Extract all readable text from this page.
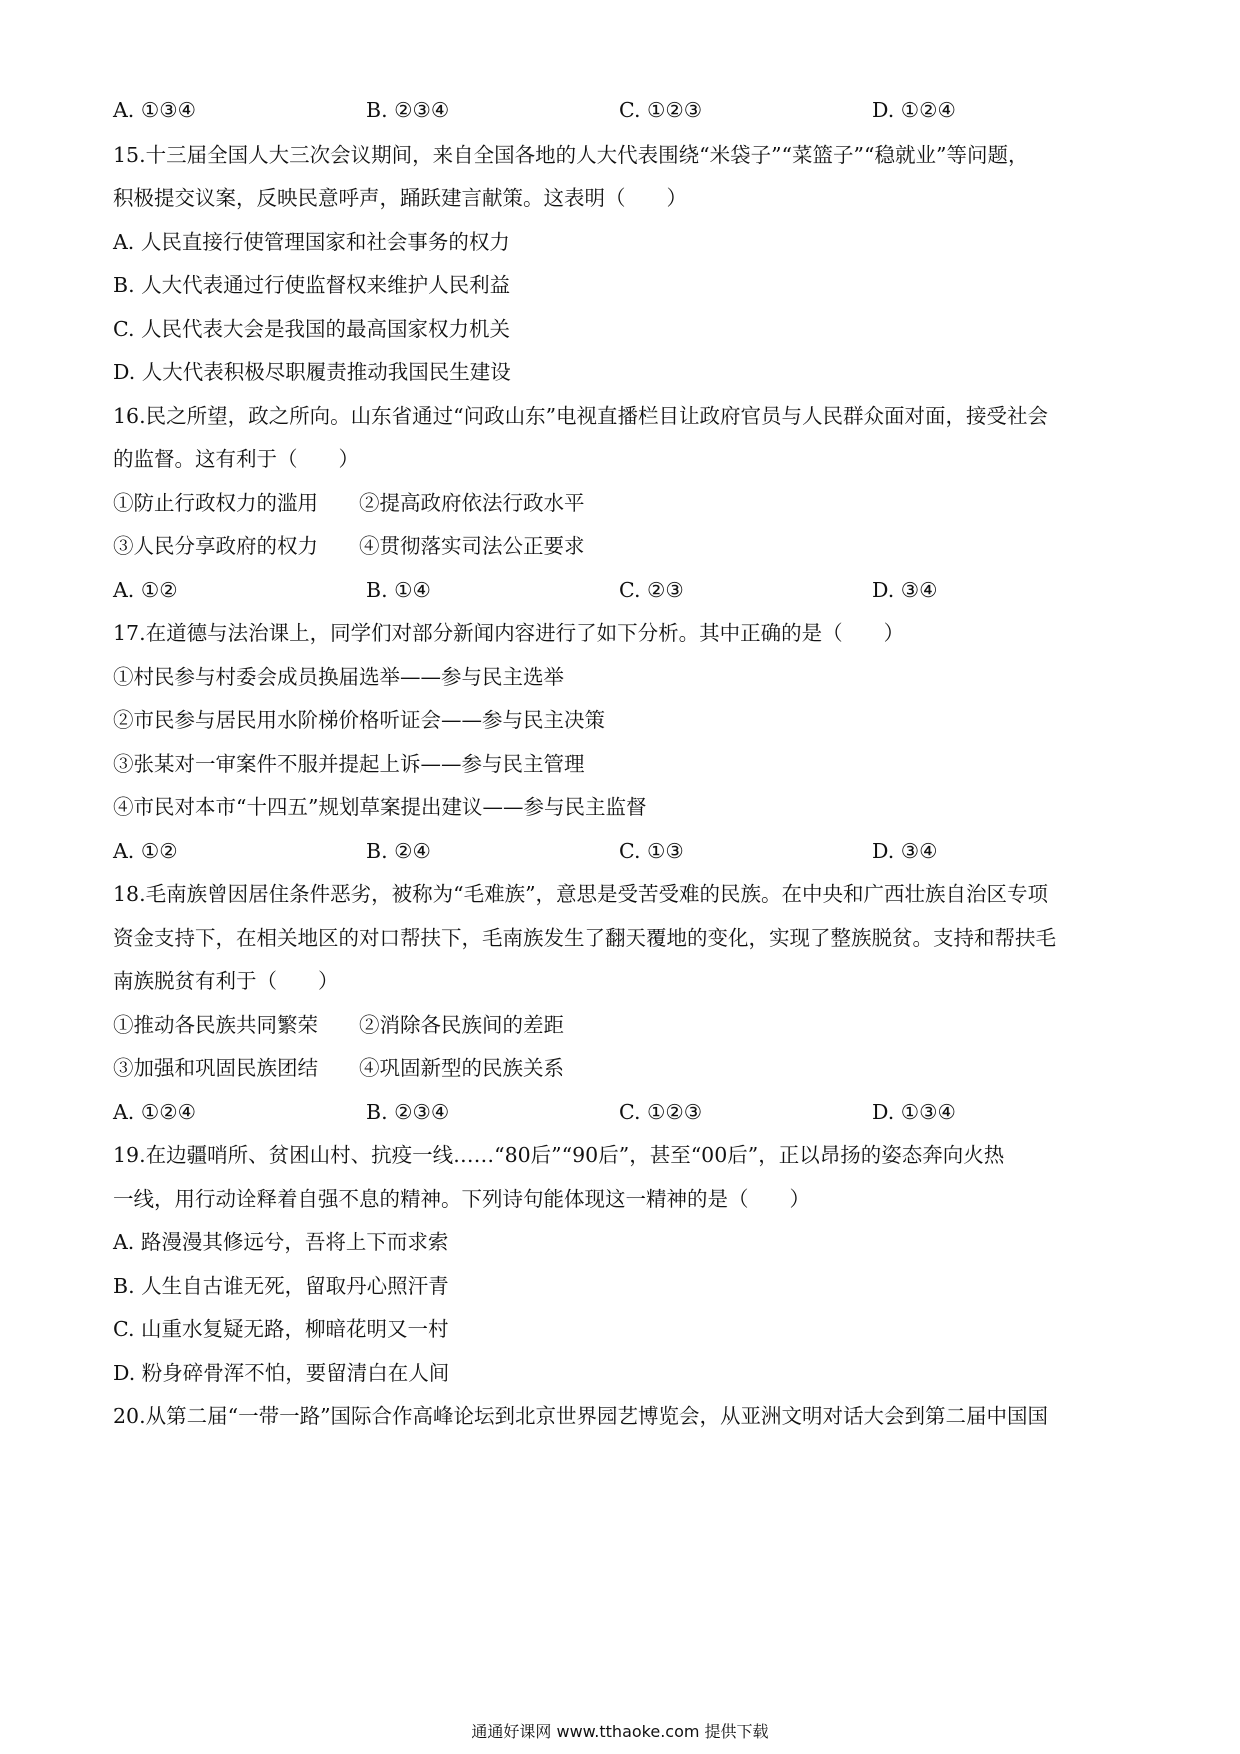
A. ①③④	B. ②③④	C. ①②③	D. ①②④
15.十三届全国人大三次会议期间，来自全国各地的人大代表围绕“米袋子”“菜篮子”“稳就业”等问题，
积极提交议案，反映民意呼声，踊跃建言献策。这表明（　　）
A. 人民直接行使管理国家和社会事务的权力
B. 人大代表通过行使监督权来维护人民利益
C. 人民代表大会是我国的最高国家权力机关
D. 人大代表积极尽职履责推动我国民生建设
16.民之所望，政之所向。山东省通过“问政山东”电视直播栏目让政府官员与人民群众面对面，接受社会
的监督。这有利于（　　）
①防止行政权力的滥用　　②提高政府依法行政水平
③人民分享政府的权力　　④贯彻落实司法公正要求
A. ①②	B. ①④	C. ②③	D. ③④
17.在道德与法治课上，同学们对部分新闻内容进行了如下分析。其中正确的是（　　）
①村民参与村委会成员换届选举——参与民主选举
②市民参与居民用水阶梯价格听证会——参与民主决策
③张某对一审案件不服并提起上诉——参与民主管理
④市民对本市“十四五”规划草案提出建议——参与民主监督
A. ①②	B. ②④	C. ①③	D. ③④
18.毛南族曾因居住条件恶劣，被称为“毛难族”，意思是受苦受难的民族。在中央和广西壮族自治区专项
资金支持下，在相关地区的对口帮扶下，毛南族发生了翻天覆地的变化，实现了整族脱贫。支持和帮扶毛
南族脱贫有利于（　　）
①推动各民族共同繁荣　　②消除各民族间的差距
③加强和巩固民族团结　　④巩固新型的民族关系
A. ①②④	B. ②③④	C. ①②③	D. ①③④
19.在边疆哨所、贫困山村、抗疫一线……“80后”“90后”，甚至“00后”，正以昂扬的姿态奔向火热
一线，用行动诠释着自强不息的精神。下列诗句能体现这一精神的是（　　）
A. 路漫漫其修远兮，吾将上下而求索
B. 人生自古谁无死，留取丹心照汗青
C. 山重水复疑无路，柳暗花明又一村
D. 粉身碎骨浑不怕，要留清白在人间
20.从第二届“一带一路”国际合作高峰论坛到北京世界园艺博览会，从亚洲文明对话大会到第二届中国国
通通好课网 www.tthaoke.com 提供下载
